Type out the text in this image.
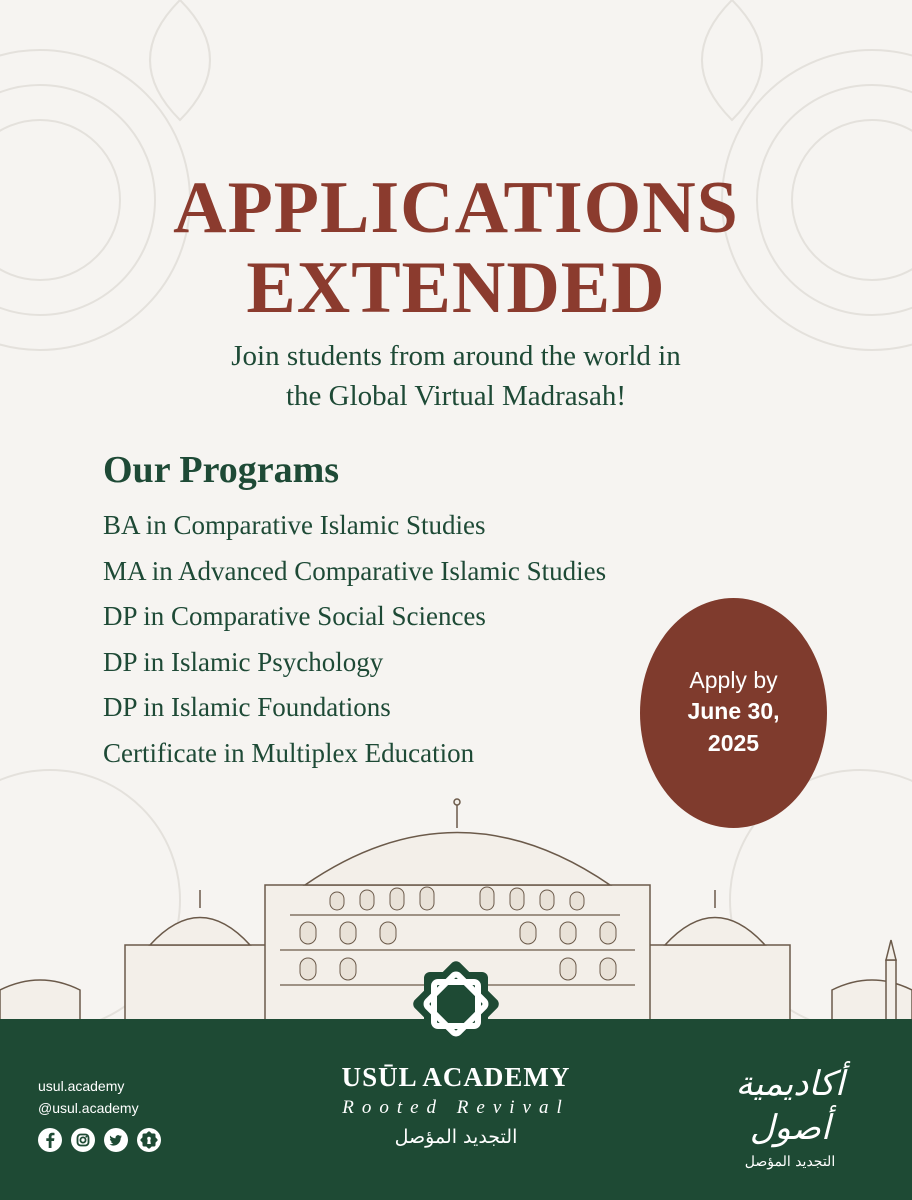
APPLICATIONS
EXTENDED
Join students from around the world in
the Global Virtual Madrasah!
Our Programs
BA in Comparative Islamic Studies
MA in Advanced Comparative Islamic Studies
DP in Comparative Social Sciences
DP in Islamic Psychology
DP in Islamic Foundations
Certificate in Multiplex Education
Apply by
June 30,
2025
usul.academy
@usul.academy
USŪL ACADEMY
Rooted Revival
التجديد المؤصل
أكاديمية أصول
التجديد المؤصل
